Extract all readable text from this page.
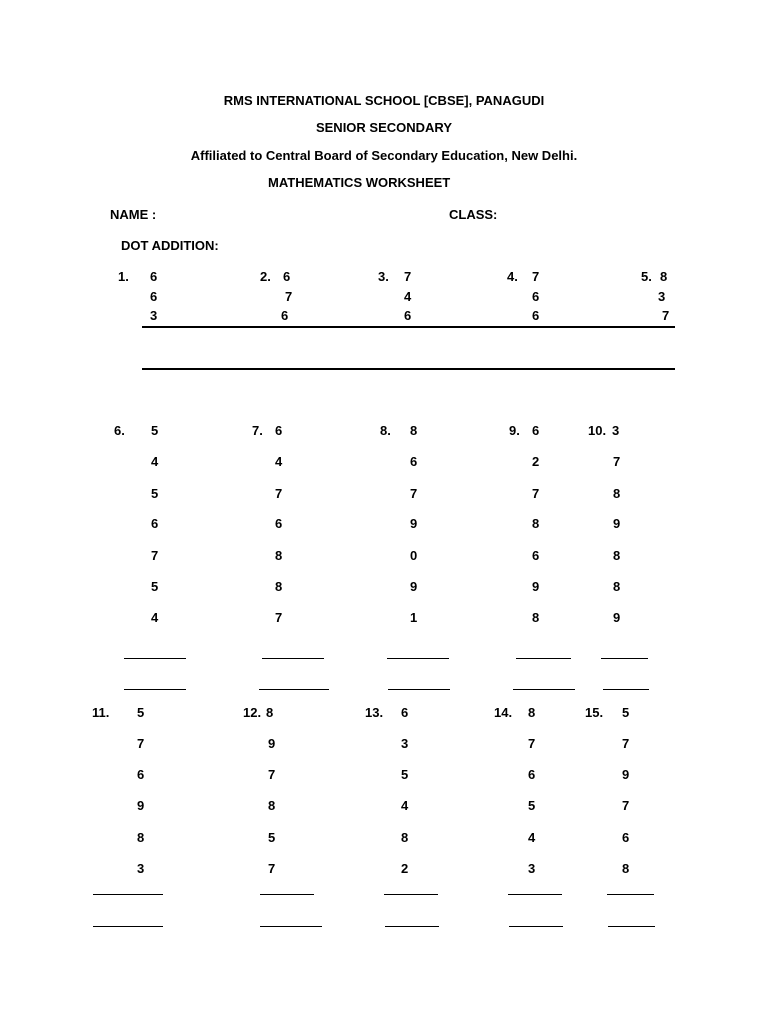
RMS INTERNATIONAL SCHOOL [CBSE], PANAGUDI
SENIOR SECONDARY
Affiliated to Central Board of Secondary Education, New Delhi.
MATHEMATICS WORKSHEET
NAME :	CLASS:
DOT ADDITION:
1. 6
6
3
2. 6
7
6
3. 7
4
6
4. 7
6
6
5. 8
3
7
6. 5
4
5
6
7
5
4
7. 6
4
7
6
8
8
7
8. 8
6
7
9
0
9
1
9. 6
2
7
8
6
9
8
10. 3
7
8
9
8
8
9
11. 5
7
6
9
8
3
12. 8
9
7
8
5
7
13. 6
3
5
4
8
2
14. 8
7
6
5
4
3
15. 5
7
9
7
6
8
